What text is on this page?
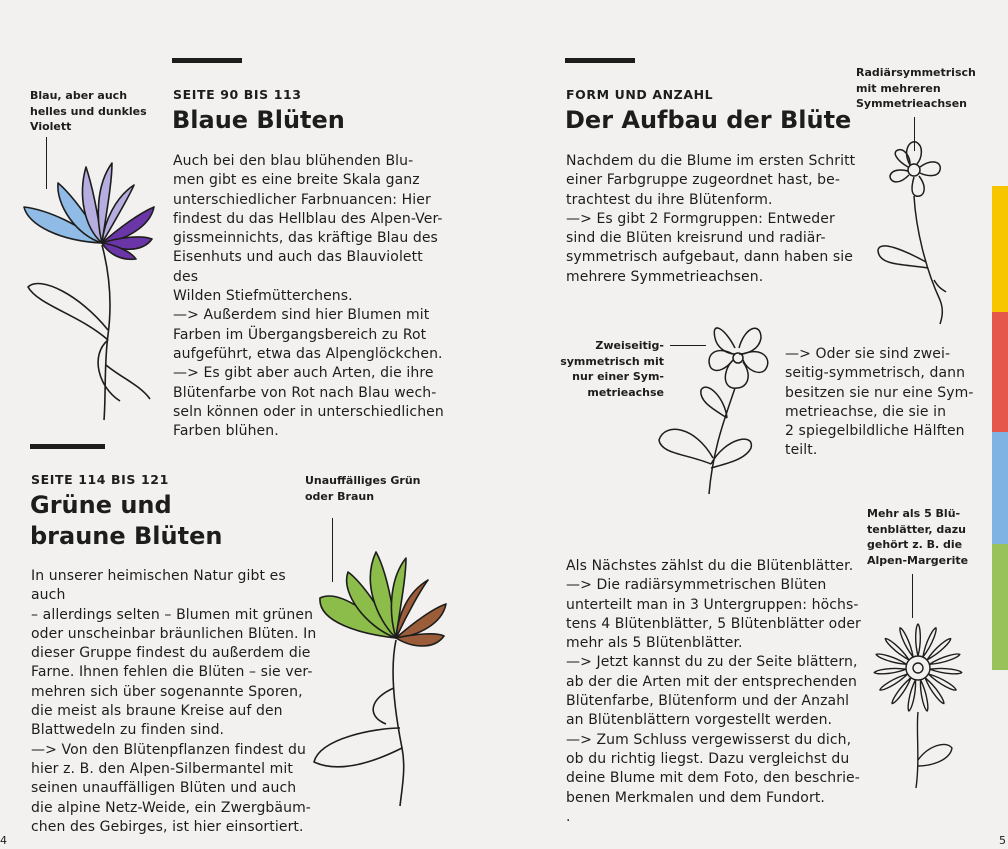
SEITE 90 BIS 113
Blaue Blüten
Auch bei den blau blühenden Blu-
men gibt es eine breite Skala ganz
unterschiedlicher Farbnuancen: Hier
findest du das Hellblau des Alpen-Ver-
gissmeinnichts, das kräftige Blau des
Eisenhuts und auch das Blauviolett des
Wilden Stiefmütterchens.
—> Außerdem sind hier Blumen mit
Farben im Übergangsbereich zu Rot
aufgeführt, etwa das Alpenglöckchen.
—> Es gibt aber auch Arten, die ihre
Blütenfarbe von Rot nach Blau wech-
seln können oder in unterschiedlichen
Farben blühen.
Blau, aber auch
helles und dunkles
Violett
SEITE 114 BIS 121
Grüne und
braune Blüten
In unserer heimischen Natur gibt es auch
– allerdings selten – Blumen mit grünen
oder unscheinbar bräunlichen Blüten. In
dieser Gruppe findest du außerdem die
Farne. Ihnen fehlen die Blüten – sie ver-
mehren sich über sogenannte Sporen,
die meist als braune Kreise auf den
Blattwedeln zu finden sind.
—> Von den Blütenpflanzen findest du
hier z. B. den Alpen-Silbermantel mit
seinen unauffälligen Blüten und auch
die alpine Netz-Weide, ein Zwergbäum-
chen des Gebirges, ist hier einsortiert.
Unauffälliges Grün
oder Braun
FORM UND ANZAHL
Der Aufbau der Blüte
Nachdem du die Blume im ersten Schritt
einer Farbgruppe zugeordnet hast, be-
trachtest du ihre Blütenform.
—> Es gibt 2 Formgruppen: Entweder
sind die Blüten kreisrund und radiär-
symmetrisch aufgebaut, dann haben sie
mehrere Symmetrieachsen.
Radiärsymmetrisch
mit mehreren
Symmetrieachsen
Zweiseitig-
symmetrisch mit
nur einer Sym-
metrieachse
—> Oder sie sind zwei-
seitig-symmetrisch, dann
besitzen sie nur eine Sym-
metrieachse, die sie in
2 spiegelbildliche Hälften
teilt.
Als Nächstes zählst du die Blütenblätter.
—> Die radiärsymmetrischen Blüten
unterteilt man in 3 Untergruppen: höchs-
tens 4 Blütenblätter, 5 Blütenblätter oder
mehr als 5 Blütenblätter.
—> Jetzt kannst du zu der Seite blättern,
ab der die Arten mit der entsprechenden
Blütenfarbe, Blütenform und der Anzahl
an Blütenblättern vorgestellt werden.
—> Zum Schluss vergewisserst du dich,
ob du richtig liegst. Dazu vergleichst du
deine Blume mit dem Foto, den beschrie-
benen Merkmalen und dem Fundort.
.
Mehr als 5 Blü-
tenblätter, dazu
gehört z. B. die
Alpen-Margerite
4	5
